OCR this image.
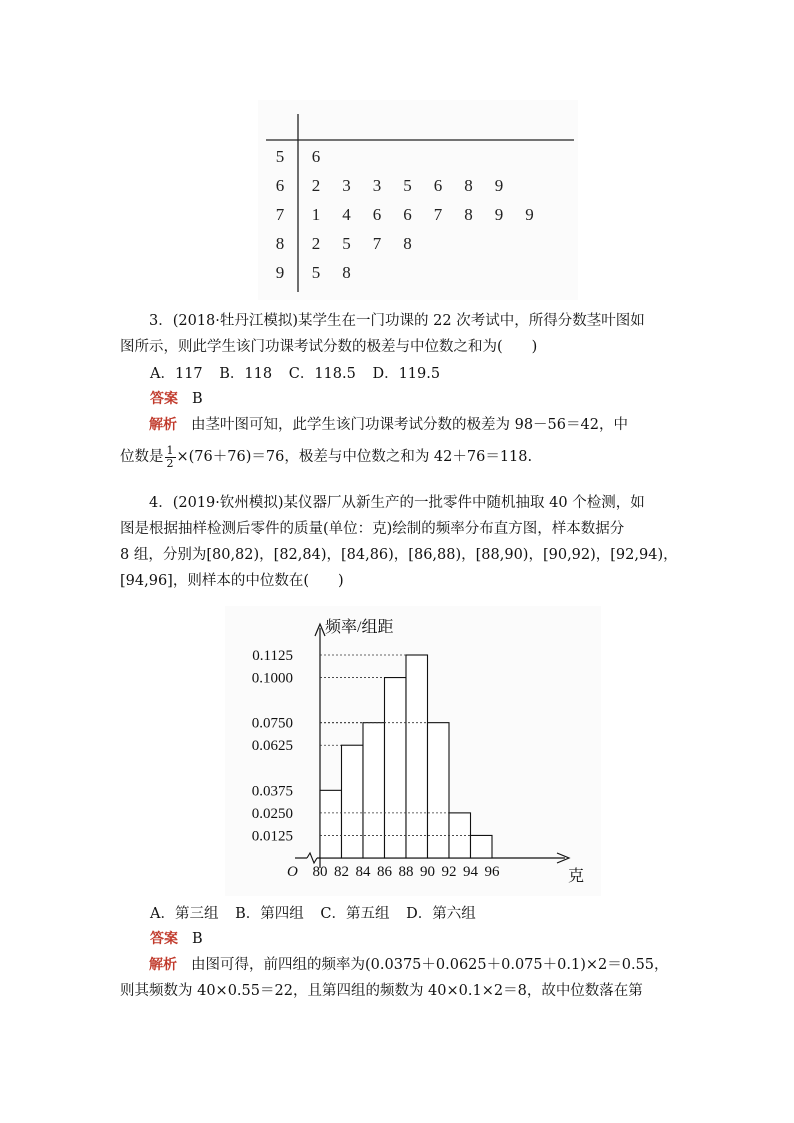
5 6
6 2 3 3 5 6 8 9
7 1 4 6 6 7 8 9 9
8 2 5 7 8
9 5 8
3．(2018·牡丹江模拟)某学生在一门功课的 22 次考试中，所得分数茎叶图如
图所示，则此学生该门功课考试分数的极差与中位数之和为(　　)
A．117 B．118 C．118.5 D．119.5
答案 B
解析 由茎叶图可知，此学生该门功课考试分数的极差为 98－56＝42，中
位数是 $\frac{1}{2} \times(76+76)=76$，极差与中位数之和为 42＋76＝118.
4．(2019·钦州模拟)某仪器厂从新生产的一批零件中随机抽取 40 个检测，如
图是根据抽样检测后零件的质量(单位：克)绘制的频率分布直方图，样本数据分
8 组，分别为[80,82)，[82,84)，[84,86)，[86,88)，[88,90)，[90,92)，[92,94)，
[94,96]，则样本的中位数在(　　)
0.1125
0.1000
0.0750
0.0625
0.0375
0.0250
0.0125
80 82 84 86 88 90 92 94 96
频率/组距
克
O
A．第三组 B．第四组 C．第五组 D．第六组
答案 B
解析 由图可得，前四组的频率为(0.0375＋0.0625＋0.075＋0.1)×2＝0.55，
则其频数为 40×0.55＝22，且第四组的频数为 40×0.1×2＝8，故中位数落在第
